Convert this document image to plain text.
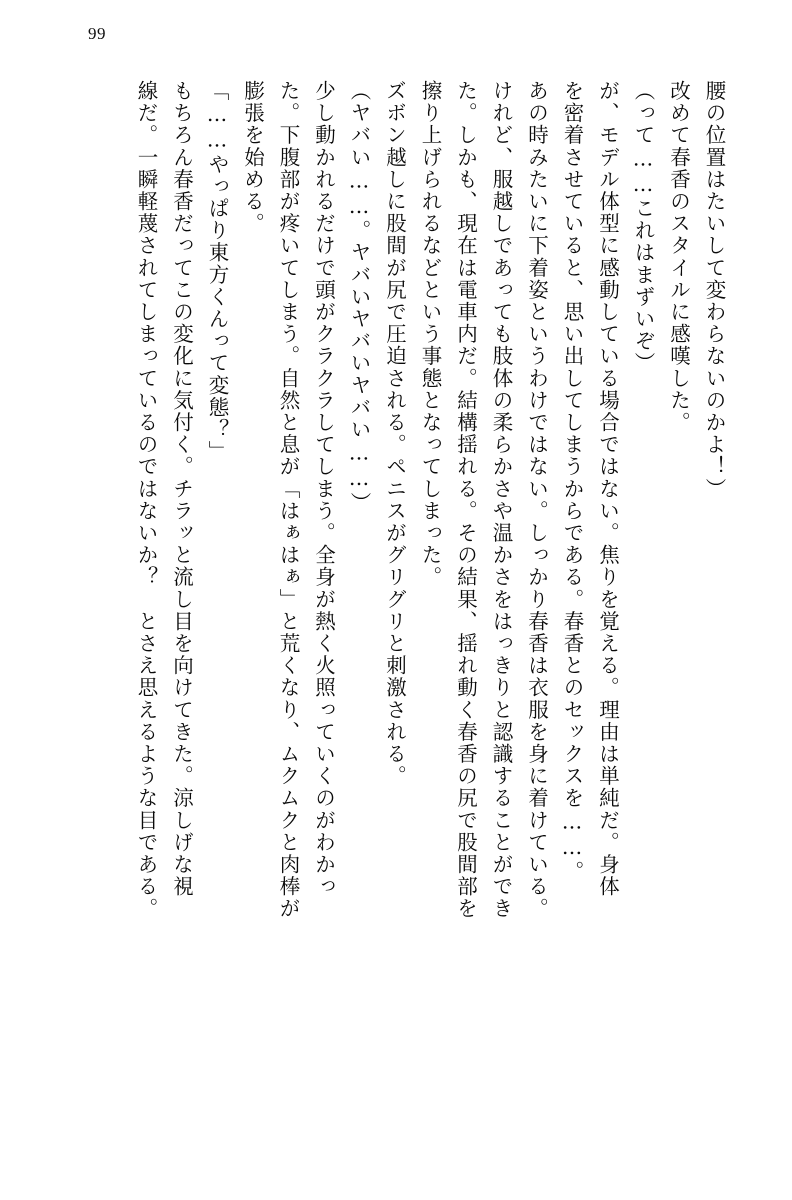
99
腰の位置はたいして変わらないのかよ！）
改めて春香のスタイルに感嘆した。
（って……これはまずいぞ）
が、モデル体型に感動している場合ではない。焦りを覚える。理由は単純だ。身体
を密着させていると、思い出してしまうからである。春香とのセックスを……。
あの時みたいに下着姿というわけではない。しっかり春香は衣服を身に着けている。
けれど、服越しであっても肢体の柔らかさや温かさをはっきりと認識することができ
た。しかも、現在は電車内だ。結構揺れる。その結果、揺れ動く春香の尻で股間部を
擦り上げられるなどという事態となってしまった。
ズボン越しに股間が尻で圧迫される。ペニスがグリグリと刺激される。
（ヤバい……。ヤバいヤバいヤバい……）
少し動かれるだけで頭がクラクラしてしまう。全身が熱く火照っていくのがわかっ
た。下腹部が疼いてしまう。自然と息が「はぁはぁ」と荒くなり、ムクムクと肉棒が
膨張を始める。
「……やっぱり東方くんって変態？」
もちろん春香だってこの変化に気付く。チラッと流し目を向けてきた。涼しげな視
線だ。一瞬軽蔑されてしまっているのではないか？　とさえ思えるような目である。
